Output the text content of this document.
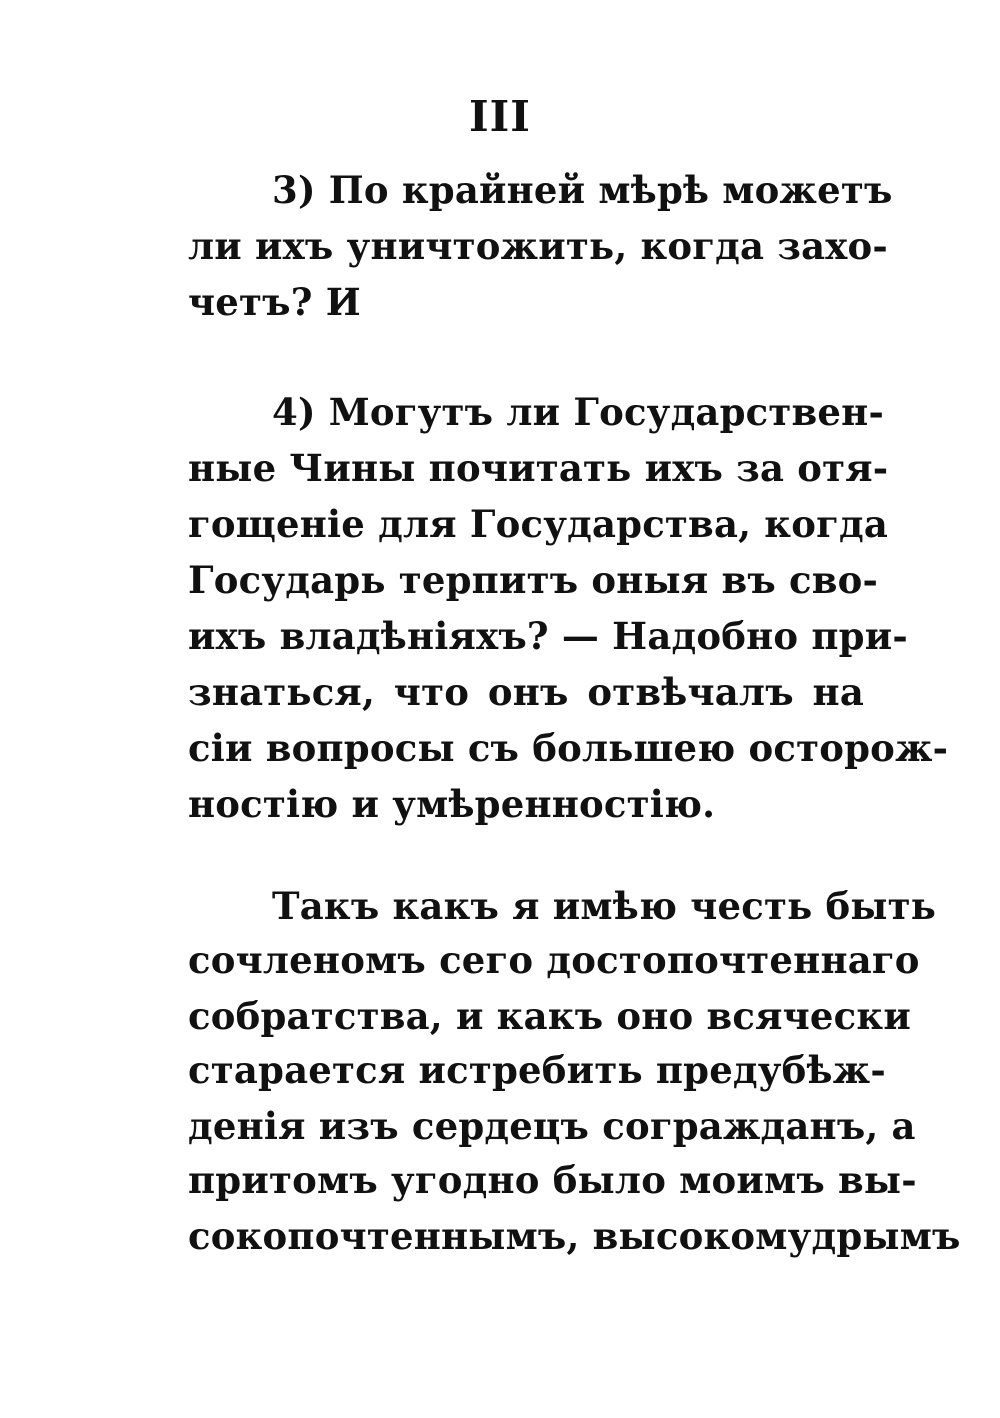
III
3) По крайней мѣрѣ можетъ
ли ихъ уничтожить, когда захо-
четъ? И
4) Могутъ ли Государствен-
ные Чины почитать ихъ за отя-
гощеніе для Государства, когда
Государь терпитъ оныя въ сво-
ихъ владѣніяхъ? — Надобно при-
знаться, что онъ отвѣчалъ на
сіи вопросы съ большею осторож-
ностію и умѣренностію.
Такъ какъ я имѣю честь быть
сочленомъ сего достопочтеннаго
собратства, и какъ оно всячески
старается истребить предубѣж-
денія изъ сердецъ согражданъ, а
притомъ угодно было моимъ вы-
сокопочтеннымъ, высокомудрымъ
